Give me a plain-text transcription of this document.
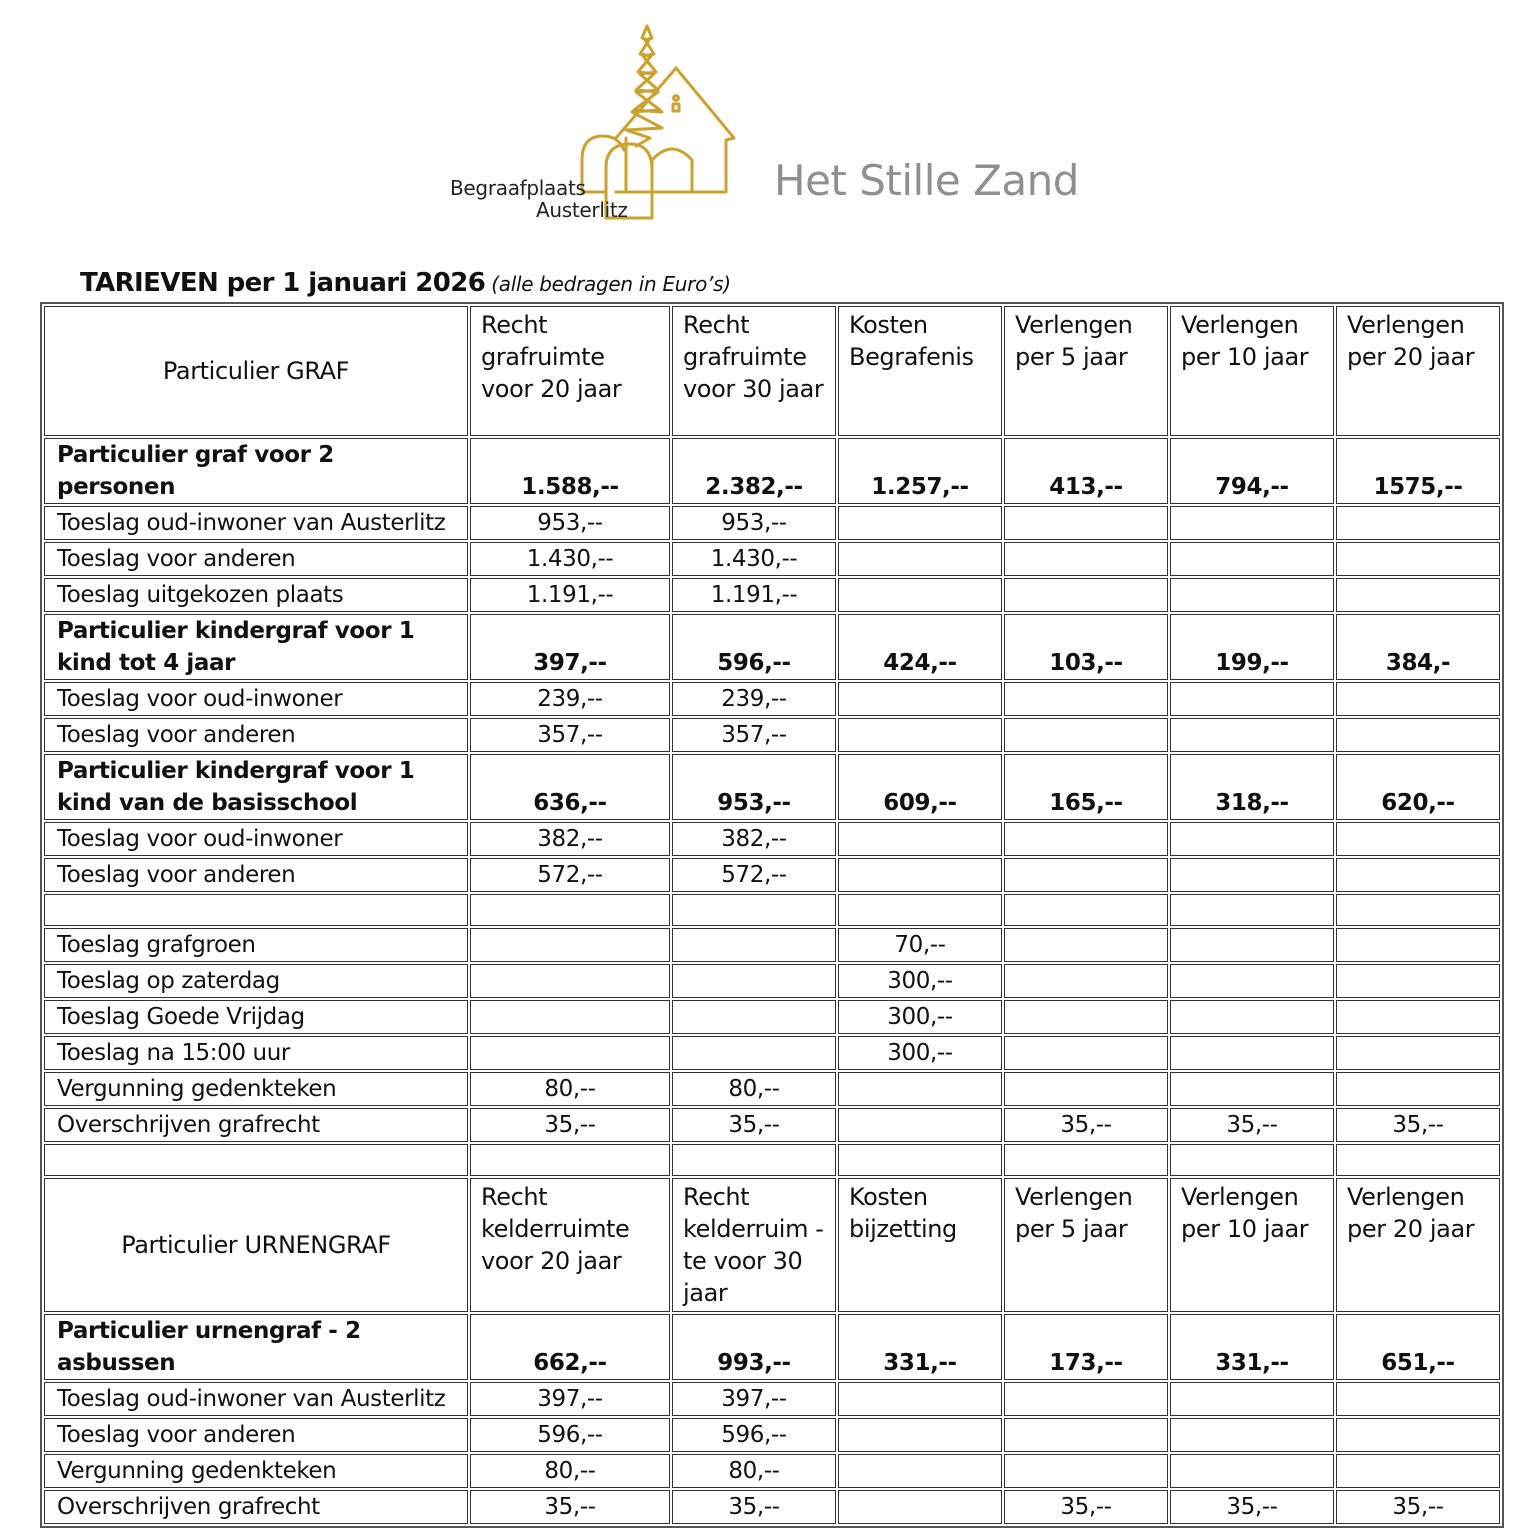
Begraafplaats
Austerlitz
Het Stille Zand
TARIEVEN per 1 januari 2026 (alle bedragen in Euro’s)
Particulier GRAF	Recht grafruimte voor 20 jaar	Recht grafruimte voor 30 jaar	Kosten Begrafenis	Verlengen per 5 jaar	Verlengen per 10 jaar	Verlengen per 20 jaar
Particulier graf voor 2 personen	1.588,--	2.382,--	1.257,--	413,--	794,--	1575,--
Toeslag oud-inwoner van Austerlitz	953,--	953,--				
Toeslag voor anderen	1.430,--	1.430,--				
Toeslag uitgekozen plaats	1.191,--	1.191,--				
Particulier kindergraf voor 1 kind tot 4 jaar	397,--	596,--	424,--	103,--	199,--	384,-
Toeslag voor oud-inwoner	239,--	239,--				
Toeslag voor anderen	357,--	357,--				
Particulier kindergraf voor 1 kind van de basisschool	636,--	953,--	609,--	165,--	318,--	620,--
Toeslag voor oud-inwoner	382,--	382,--				
Toeslag voor anderen	572,--	572,--				

Toeslag grafgroen			70,--			
Toeslag op zaterdag			300,--			
Toeslag Goede Vrijdag			300,--			
Toeslag na 15:00 uur			300,--			
Vergunning gedenkteken	80,--	80,--				
Overschrijven grafrecht	35,--	35,--		35,--	35,--	35,--

Particulier URNENGRAF	Recht kelderruimte voor 20 jaar	Recht kelderruim -te voor 30 jaar	Kosten bijzetting	Verlengen per 5 jaar	Verlengen per 10 jaar	Verlengen per 20 jaar
Particulier urnengraf - 2 asbussen	662,--	993,--	331,--	173,--	331,--	651,--
Toeslag oud-inwoner van Austerlitz	397,--	397,--				
Toeslag voor anderen	596,--	596,--				
Vergunning gedenkteken	80,--	80,--				
Overschrijven grafrecht	35,--	35,--		35,--	35,--	35,--
